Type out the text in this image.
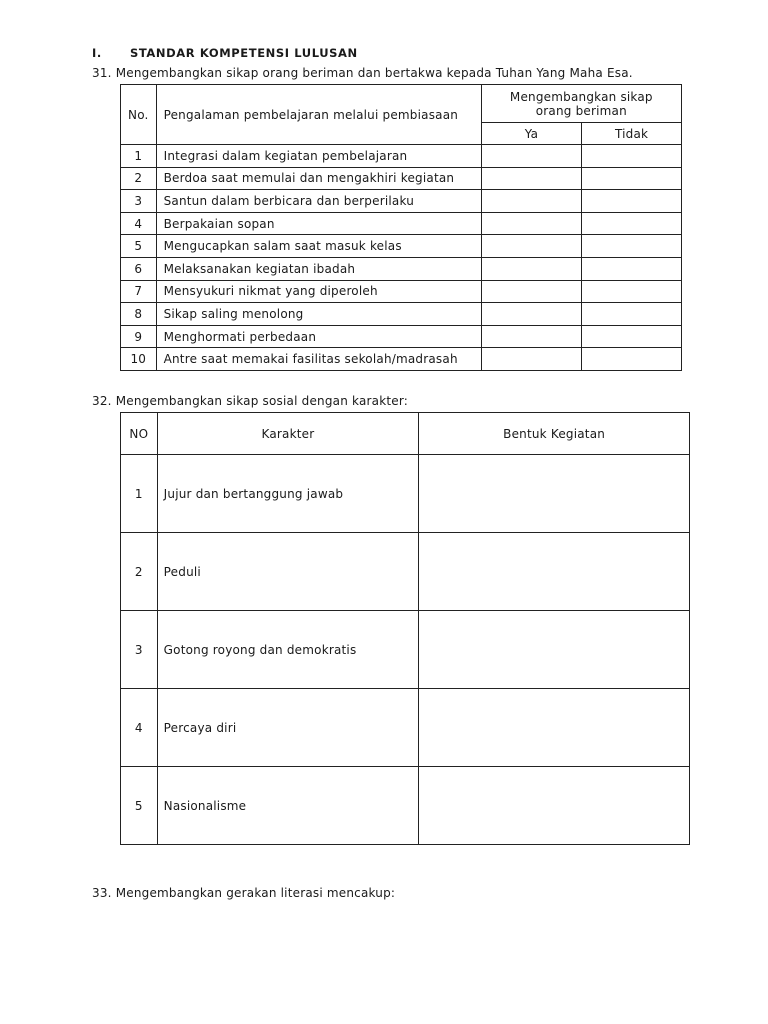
I. STANDAR KOMPETENSI LULUSAN
31. Mengembangkan sikap orang beriman dan bertakwa kepada Tuhan Yang Maha Esa.
No.	Pengalaman pembelajaran melalui pembiasaan	Mengembangkan sikap
orang beriman	

		Ya	Tidak
1	Integrasi dalam kegiatan pembelajaran		
2	Berdoa saat memulai dan mengakhiri kegiatan		
3	Santun dalam berbicara dan berperilaku		
4	Berpakaian sopan		
5	Mengucapkan salam saat masuk kelas		
6	Melaksanakan kegiatan ibadah		
7	Mensyukuri nikmat yang diperoleh		
8	Sikap saling menolong		
9	Menghormati perbedaan		
10	Antre saat memakai fasilitas sekolah/madrasah		
32. Mengembangkan sikap sosial dengan karakter:
NO	Karakter	Bentuk Kegiatan
1	Jujur dan bertanggung jawab	
2	Peduli	
3	Gotong royong dan demokratis	
4	Percaya diri	
5	Nasionalisme	
33. Mengembangkan gerakan literasi mencakup:
